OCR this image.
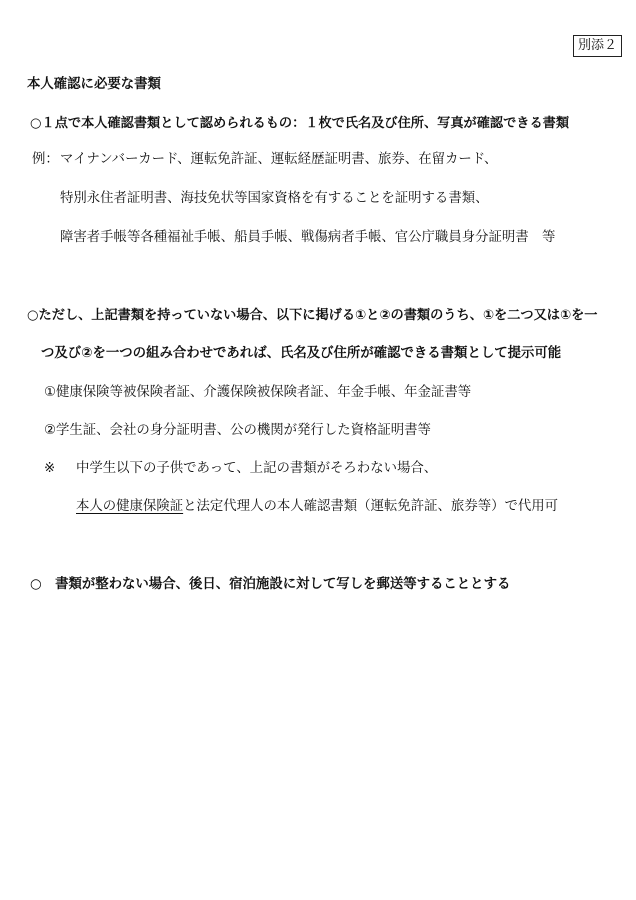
別添２
本人確認に必要な書類
○１点で本人確認書類として認められるもの：１枚で氏名及び住所、写真が確認できる書類
例： マイナンバーカード、運転免許証、運転経歴証明書、旅券、在留カード、
特別永住者証明書、海技免状等国家資格を有することを証明する書類、
障害者手帳等各種福祉手帳、船員手帳、戦傷病者手帳、官公庁職員身分証明書　等
○ただし、上記書類を持っていない場合、以下に掲げる①と②の書類のうち、①を二つ又は①を一
つ及び②を一つの組み合わせであれば、氏名及び住所が確認できる書類として提示可能
①健康保険等被保険者証、介護保険被保険者証、年金手帳、年金証書等
②学生証、会社の身分証明書、公の機関が発行した資格証明書等
※ 中学生以下の子供であって、上記の書類がそろわない場合、
本人の健康保険証と法定代理人の本人確認書類（運転免許証、旅券等）で代用可
○　書類が整わない場合、後日、宿泊施設に対して写しを郵送等することとする
